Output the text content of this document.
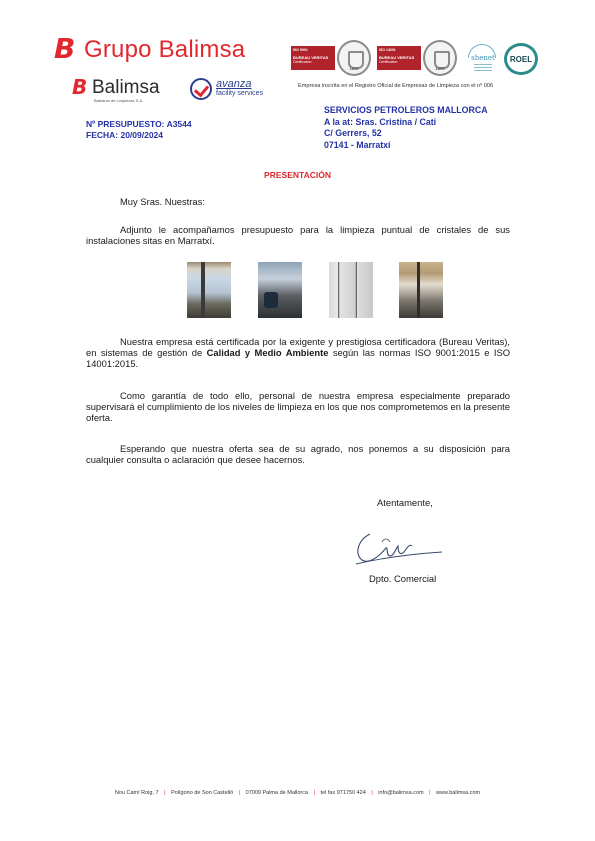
B Grupo Balimsa
B Balimsa
Baleares de Limpiezas S.A.
avanza
facility services
ISO 9001
BUREAU VERITAS
Certification
1828
ISO 14001
BUREAU VERITAS
Certification
1828
shenet	ROEL
Empresa inscrita en el Registro Oficial de Empresas de Limpieza con el nº 006
Nº PRESUPUESTO: A3544
FECHA: 20/09/2024
SERVICIOS PETROLEROS MALLORCA
A la at: Sras. Cristina / Cati
C/ Gerrers, 52
07141 - Marratxí
PRESENTACIÓN
Muy Sras. Nuestras:
Adjunto le acompañamos presupuesto para la limpieza puntual de cristales de sus instalaciones sitas en Marratxí.
Nuestra empresa está certificada por la exigente y prestigiosa certificadora (Bureau Veritas), en sistemas de gestión de Calidad y Medio Ambiente según las normas ISO 9001:2015 e ISO 14001:2015.
Como garantía de todo ello, personal de nuestra empresa especialmente preparado supervisará el cumplimiento de los niveles de limpieza en los que nos comprometemos en la presente oferta.
Esperando que nuestra oferta sea de su agrado, nos ponemos a su disposición para cualquier consulta o aclaración que desee hacernos.
Atentamente,
Dpto. Comercial
Nou Camí Roig, 7 | Polígono de Son Castelló | 07009 Palma de Mallorca | tel fax 971750 424 | info@balimsa.com | www.balimsa.com
